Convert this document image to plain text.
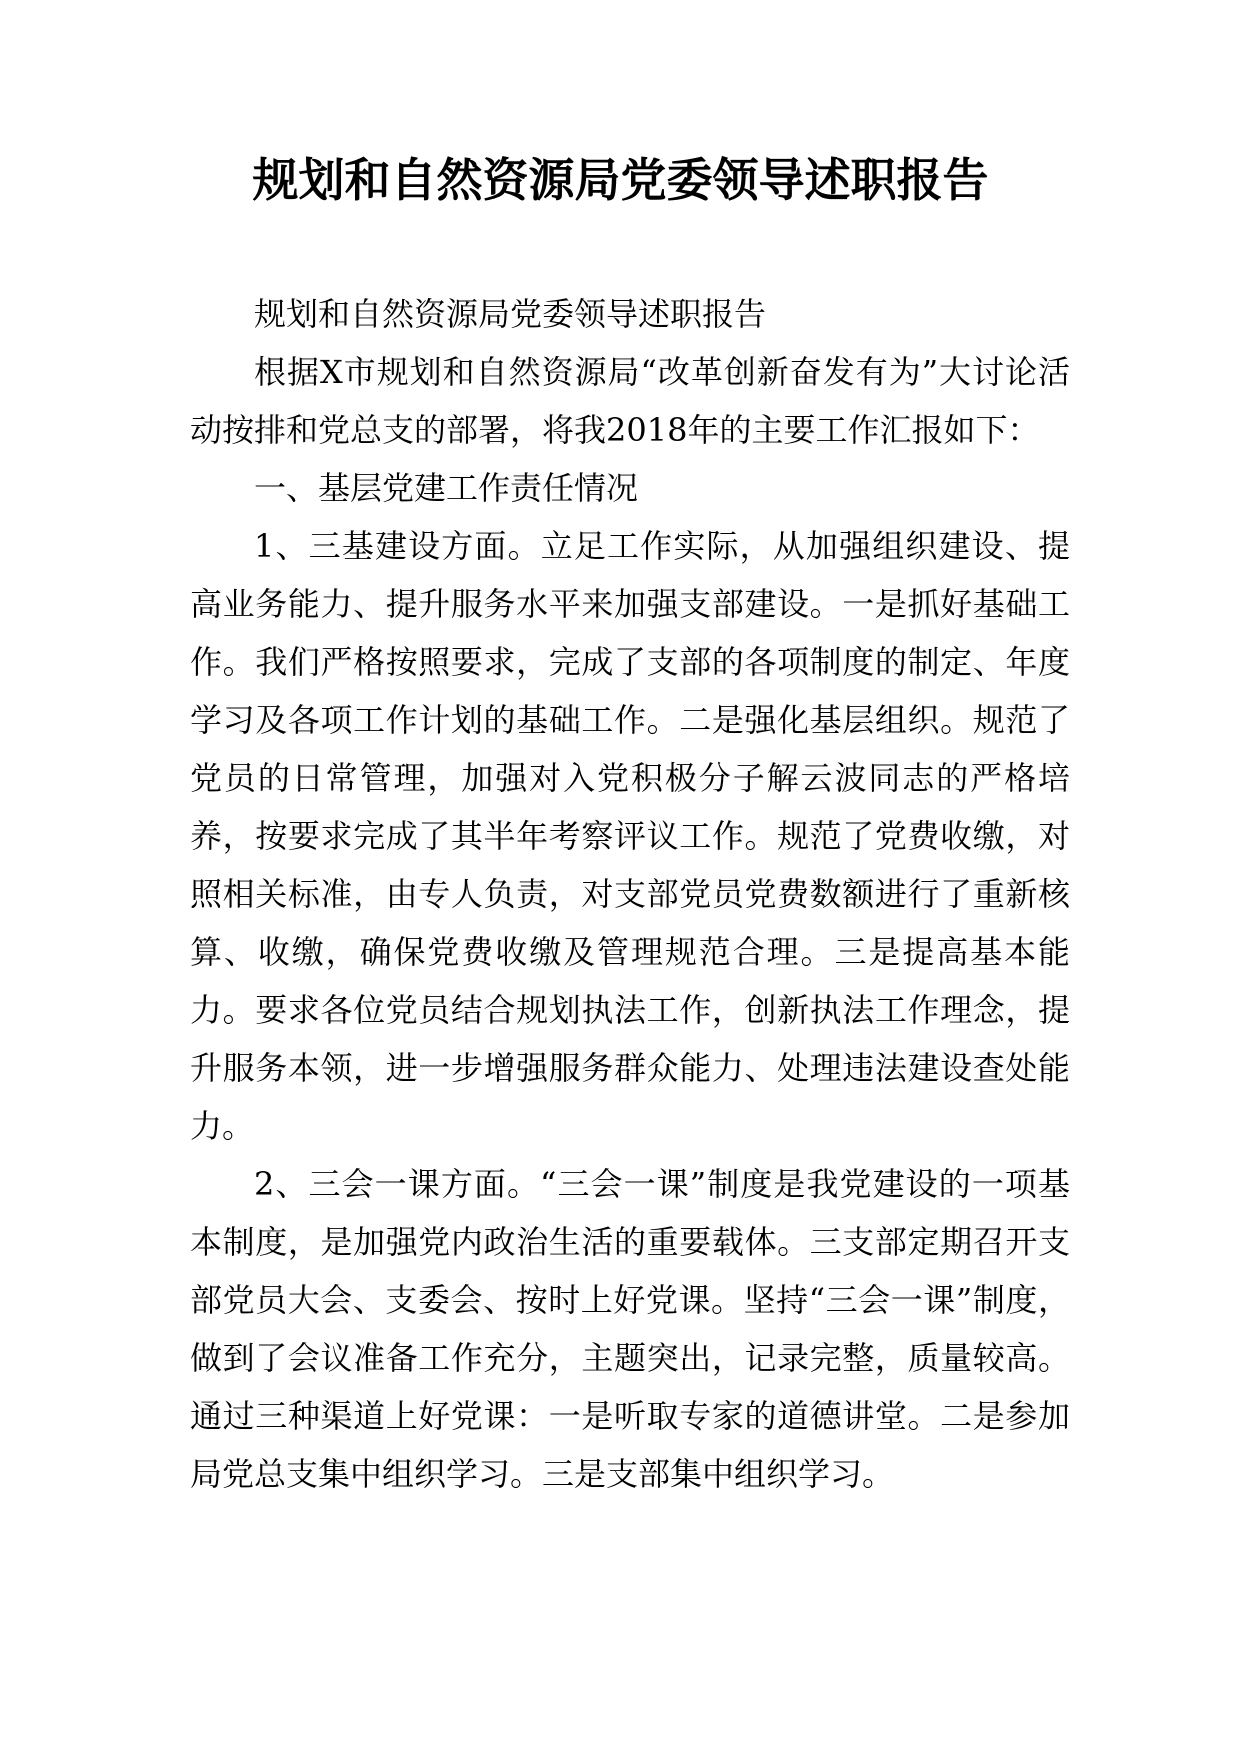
规划和自然资源局党委领导述职报告

规划和自然资源局党委领导述职报告

根据X市规划和自然资源局“改革创新奋发有为”大讨论活动按排和党总支的部署，将我2018年的主要工作汇报如下：

一、基层党建工作责任情况

1、三基建设方面。立足工作实际，从加强组织建设、提高业务能力、提升服务水平来加强支部建设。一是抓好基础工作。我们严格按照要求，完成了支部的各项制度的制定、年度学习及各项工作计划的基础工作。二是强化基层组织。规范了党员的日常管理，加强对入党积极分子解云波同志的严格培养，按要求完成了其半年考察评议工作。规范了党费收缴，对照相关标准，由专人负责，对支部党员党费数额进行了重新核算、收缴，确保党费收缴及管理规范合理。三是提高基本能力。要求各位党员结合规划执法工作，创新执法工作理念，提升服务本领，进一步增强服务群众能力、处理违法建设查处能力。

2、三会一课方面。“三会一课”制度是我党建设的一项基本制度，是加强党内政治生活的重要载体。三支部定期召开支部党员大会、支委会、按时上好党课。坚持“三会一课”制度，做到了会议准备工作充分，主题突出，记录完整，质量较高。通过三种渠道上好党课：一是听取专家的道德讲堂。二是参加局党总支集中组织学习。三是支部集中组织学习。
